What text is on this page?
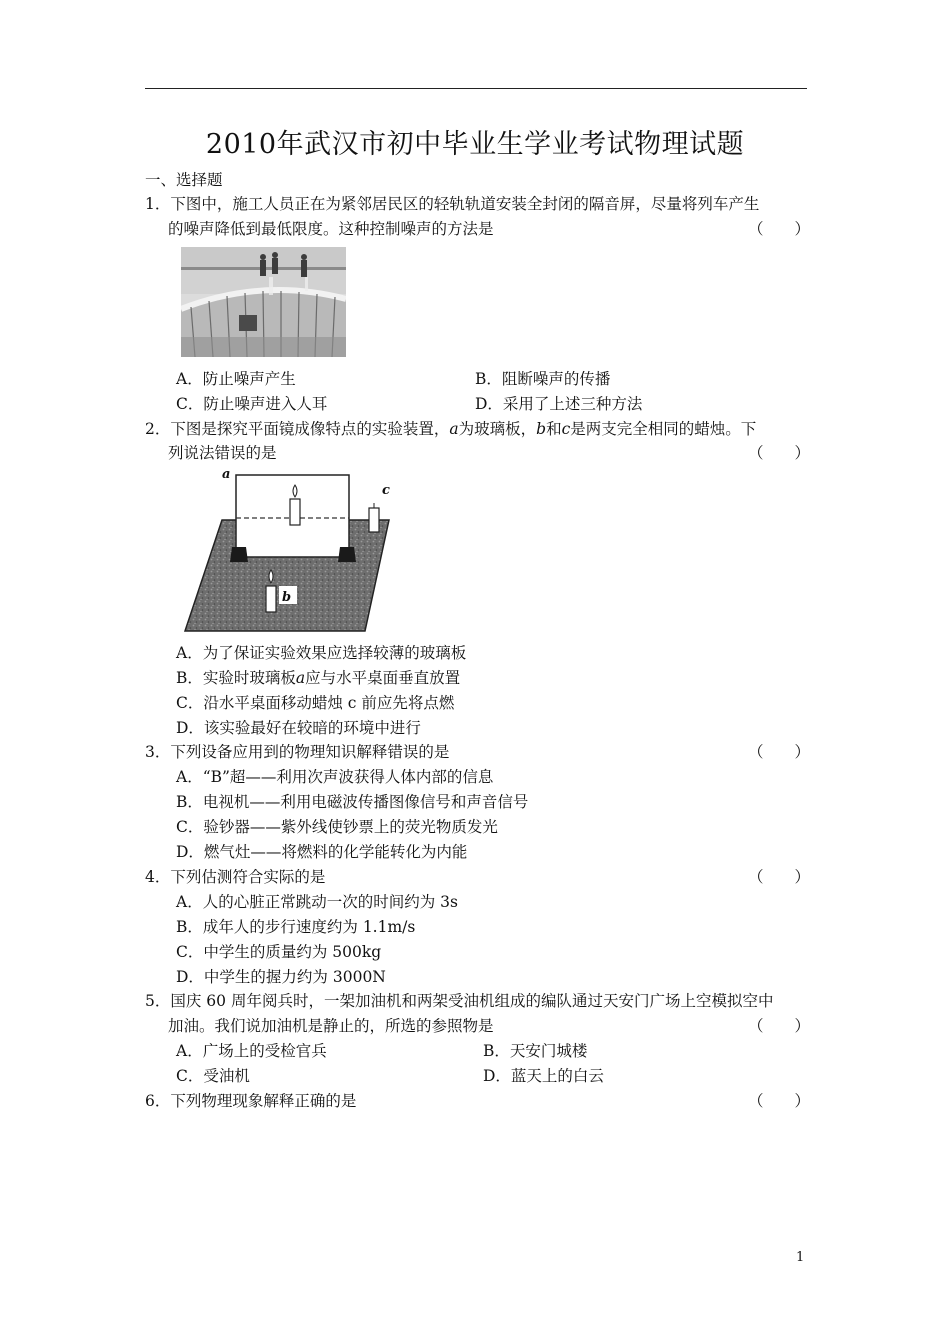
2010年武汉市初中毕业生学业考试物理试题
一、选择题
1．下图中，施工人员正在为紧邻居民区的轻轨轨道安装全封闭的隔音屏，尽量将列车产生
的噪声降低到最低限度。这种控制噪声的方法是	（　　）
A．防止噪声产生	B．阻断噪声的传播
C．防止噪声进入人耳	D．采用了上述三种方法
2．下图是探究平面镜成像特点的实验装置，a为玻璃板，b和c是两支完全相同的蜡烛。下
列说法错误的是	（　　）
a
c
b
A．为了保证实验效果应选择较薄的玻璃板
B．实验时玻璃板a应与水平桌面垂直放置
C．沿水平桌面移动蜡烛 c 前应先将点燃
D．该实验最好在较暗的环境中进行
3．下列设备应用到的物理知识解释错误的是	（　　）
A．“B”超——利用次声波获得人体内部的信息
B．电视机——利用电磁波传播图像信号和声音信号
C．验钞器——紫外线使钞票上的荧光物质发光
D．燃气灶——将燃料的化学能转化为内能
4．下列估测符合实际的是	（　　）
A．人的心脏正常跳动一次的时间约为 3s
B．成年人的步行速度约为 1.1m/s
C．中学生的质量约为 500kg
D．中学生的握力约为 3000N
5．国庆 60 周年阅兵时，一架加油机和两架受油机组成的编队通过天安门广场上空模拟空中
加油。我们说加油机是静止的，所选的参照物是	（　　）
A．广场上的受检官兵	B．天安门城楼
C．受油机	D．蓝天上的白云
6．下列物理现象解释正确的是	（　　）
1
